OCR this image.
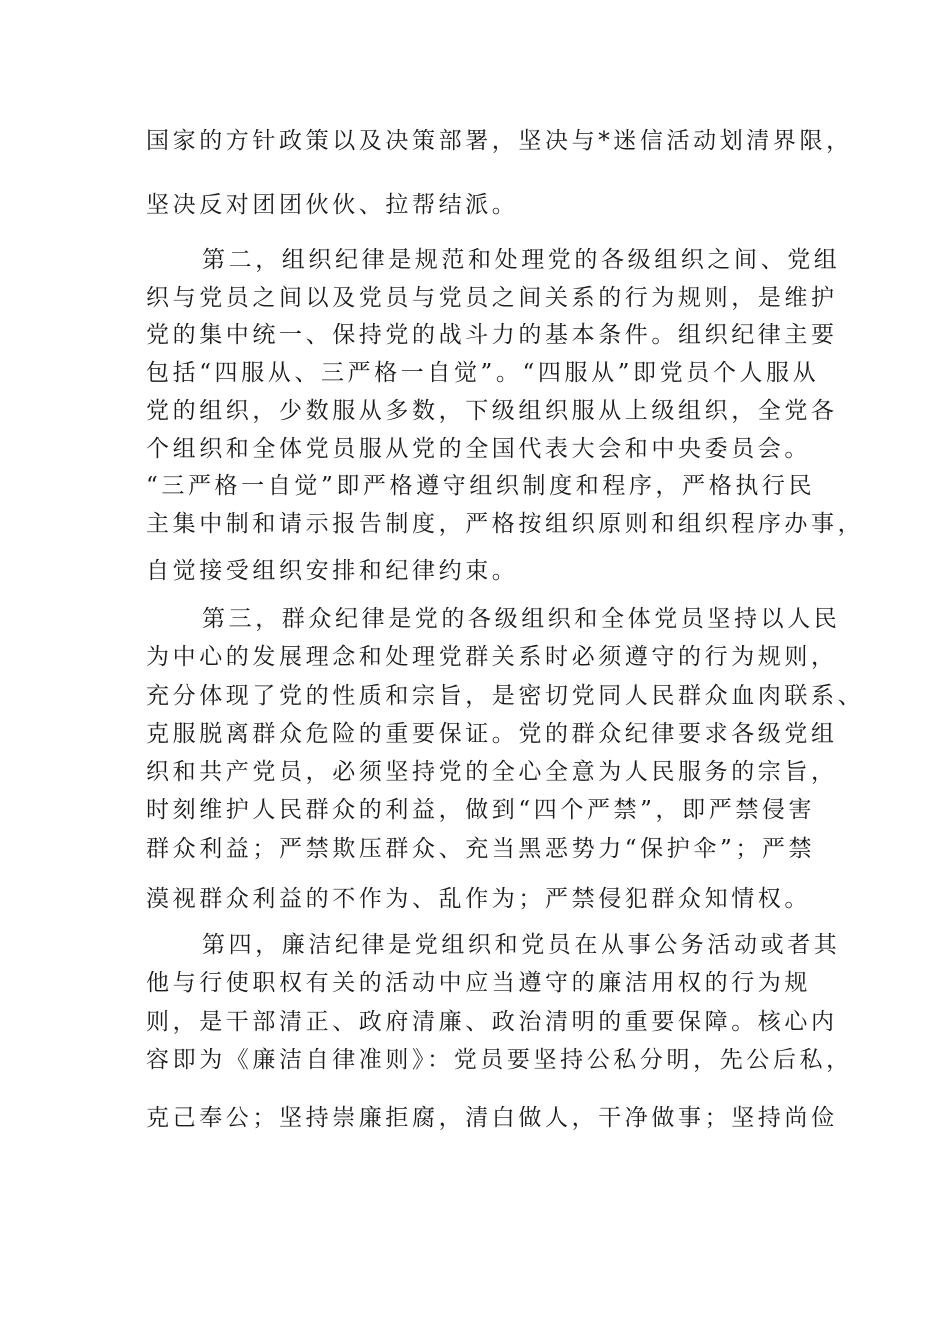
国家的方针政策以及决策部署，坚决与*迷信活动划清界限，
坚决反对团团伙伙、拉帮结派。
第二，组织纪律是规范和处理党的各级组织之间、党组
织与党员之间以及党员与党员之间关系的行为规则，是维护
党的集中统一、保持党的战斗力的基本条件。组织纪律主要
包括“四服从、三严格一自觉”。“四服从”即党员个人服从
党的组织，少数服从多数，下级组织服从上级组织，全党各
个组织和全体党员服从党的全国代表大会和中央委员会。
“三严格一自觉”即严格遵守组织制度和程序，严格执行民
主集中制和请示报告制度，严格按组织原则和组织程序办事，
自觉接受组织安排和纪律约束。
第三，群众纪律是党的各级组织和全体党员坚持以人民
为中心的发展理念和处理党群关系时必须遵守的行为规则，
充分体现了党的性质和宗旨，是密切党同人民群众血肉联系、
克服脱离群众危险的重要保证。党的群众纪律要求各级党组
织和共产党员，必须坚持党的全心全意为人民服务的宗旨，
时刻维护人民群众的利益，做到“四个严禁”，即严禁侵害
群众利益；严禁欺压群众、充当黑恶势力“保护伞”；严禁
漠视群众利益的不作为、乱作为；严禁侵犯群众知情权。
第四，廉洁纪律是党组织和党员在从事公务活动或者其
他与行使职权有关的活动中应当遵守的廉洁用权的行为规
则，是干部清正、政府清廉、政治清明的重要保障。核心内
容即为《廉洁自律准则》：党员要坚持公私分明，先公后私，
克己奉公；坚持崇廉拒腐，清白做人，干净做事；坚持尚俭
